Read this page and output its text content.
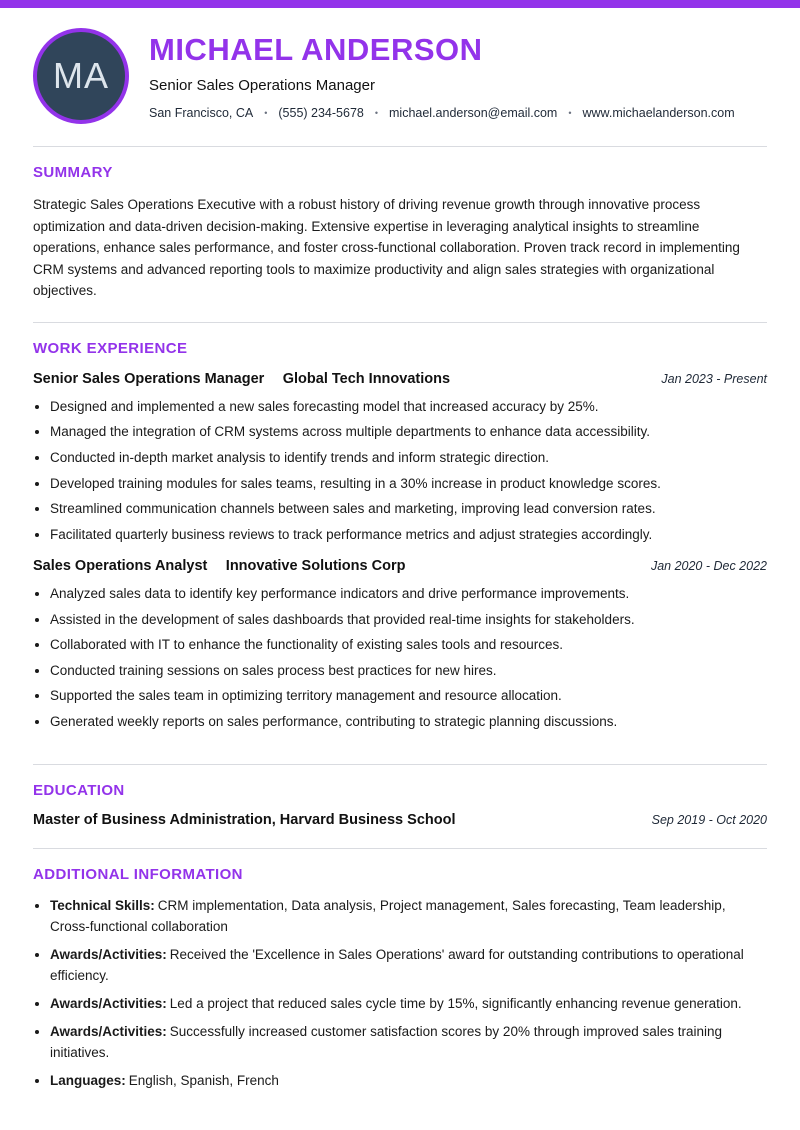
MA
MICHAEL ANDERSON
Senior Sales Operations Manager
San Francisco, CA • (555) 234-5678 • michael.anderson@email.com • www.michaelanderson.com
SUMMARY

Strategic Sales Operations Executive with a robust history of driving revenue growth through innovative process optimization and data-driven decision-making. Extensive expertise in leveraging analytical insights to streamline operations, enhance sales performance, and foster cross-functional collaboration. Proven track record in implementing CRM systems and advanced reporting tools to maximize productivity and align sales strategies with organizational objectives.

WORK EXPERIENCE
Senior Sales Operations Manager Global Tech Innovations	Jan 2023 - Present
• Designed and implemented a new sales forecasting model that increased accuracy by 25%.
• Managed the integration of CRM systems across multiple departments to enhance data accessibility.
• Conducted in-depth market analysis to identify trends and inform strategic direction.
• Developed training modules for sales teams, resulting in a 30% increase in product knowledge scores.
• Streamlined communication channels between sales and marketing, improving lead conversion rates.
• Facilitated quarterly business reviews to track performance metrics and adjust strategies accordingly.
Sales Operations Analyst Innovative Solutions Corp	Jan 2020 - Dec 2022
• Analyzed sales data to identify key performance indicators and drive performance improvements.
• Assisted in the development of sales dashboards that provided real-time insights for stakeholders.
• Collaborated with IT to enhance the functionality of existing sales tools and resources.
• Conducted training sessions on sales process best practices for new hires.
• Supported the sales team in optimizing territory management and resource allocation.
• Generated weekly reports on sales performance, contributing to strategic planning discussions.
EDUCATION
Master of Business Administration, Harvard Business School	Sep 2019 - Oct 2020
ADDITIONAL INFORMATION
• Technical Skills: CRM implementation, Data analysis, Project management, Sales forecasting, Team leadership, Cross-functional collaboration
• Awards/Activities: Received the 'Excellence in Sales Operations' award for outstanding contributions to operational efficiency.
• Awards/Activities: Led a project that reduced sales cycle time by 15%, significantly enhancing revenue generation.
• Awards/Activities: Successfully increased customer satisfaction scores by 20% through improved sales training initiatives.
• Languages: English, Spanish, French
